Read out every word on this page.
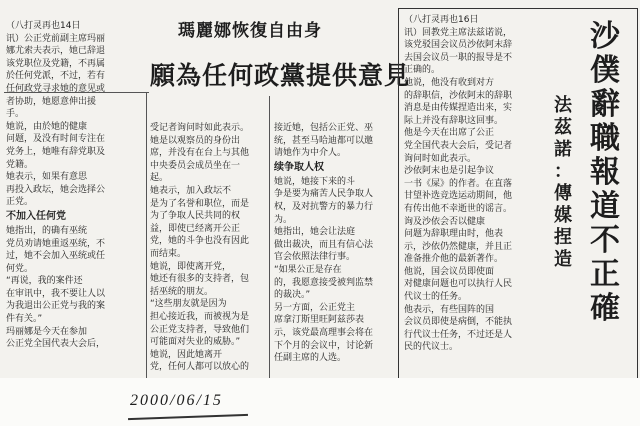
瑪麗娜恢復自由身
願為任何政黨提供意見

（八打灵再也14日

讯）公正党前副主席玛丽

娜尤索夫表示，她已辞退

该党职位及党籍，不再属

於任何党派，不过，若有

任何政党寻求她的意见或

者协助，她愿意伸出援

手。

她说，由於她的健康

问题，及没有时间专注在

党务上，她唯有辞党职及

党籍。

她表示，如果有意思

再投入政坛，她会选择公

正党。

不加入任何党

她指出，的确有巫统

党员劝请她重返巫统，不

过，她不会加入巫统或任

何党。

“再说，我的案件还

在审讯中，我不要让人以

为我退出公正党与我的案

件有关。”

玛丽娜是今天在参加

公正党全国代表大会后，

受记者询问时如此表示。

她是以观察员的身份出

席，并没有在台上与其他

中央委员会成员坐在一

起。

她表示，加入政坛不

是为了名誉和职位，而是

为了争取人民共同的权

益，即使已经离开公正

党，她的斗争也没有因此

而结束。

她说，即使离开党，

她还有很多的支持者，包

括巫统的朋友。

“这些朋友就是因为

担心接近我，而被视为是

公正党支持者，导致他们

可能面对失业的威胁。”

她说，因此她离开

党，任何人都可以放心的

接近她，包括公正党、巫

统，甚至马哈迪都可以邀

请她作为中介人。

续争取人权

她说，她接下来的斗

争是要为痛苦人民争取人

权，及对抗警方的暴力行

为。

她指出，她会让法庭

做出裁决，而且有信心法

官会依照法律行事。

“如果公正是存在

的，我愿意接受被判监禁

的裁决。”

另一方面，公正党主

席拿汀斯里旺阿兹莎表

示，该党最高理事会将在

下个月的会议中，讨论新

任副主席的人选。

沙
僕
辭
職
報
道
不
正
確
法
茲
諾
：
傳
媒
捏
造

（八打灵再也16日

讯）回教党主席法兹诺说，

该党驳国会议员沙依阿末辞

去国会议员一职的报导是不

正确的。

他说，他没有收到对方

的辞职信，沙依阿末的辞职

消息是由传媒捏造出来，实

际上并没有辞职这回事。

他是今天在出席了公正

党全国代表大会后，受记者

询问时如此表示。

沙依阿末也是引起争议

一书《屎》的作者。在直落

甘望补选竞选运动期间，他

有传出他不幸逝世的谣言。

询及沙依会否以健康

问题为辞职理由时，他表

示，沙依仍然健康，并且正

准备推介他的最新著作。

他说，国会议员即使面

对健康问题也可以执行人民

代议士的任务。

他表示，有些国阵的国

会议员即使是病倒，不能执

行代议士任务，不过还是人

民的代议士。

2000/06/15
